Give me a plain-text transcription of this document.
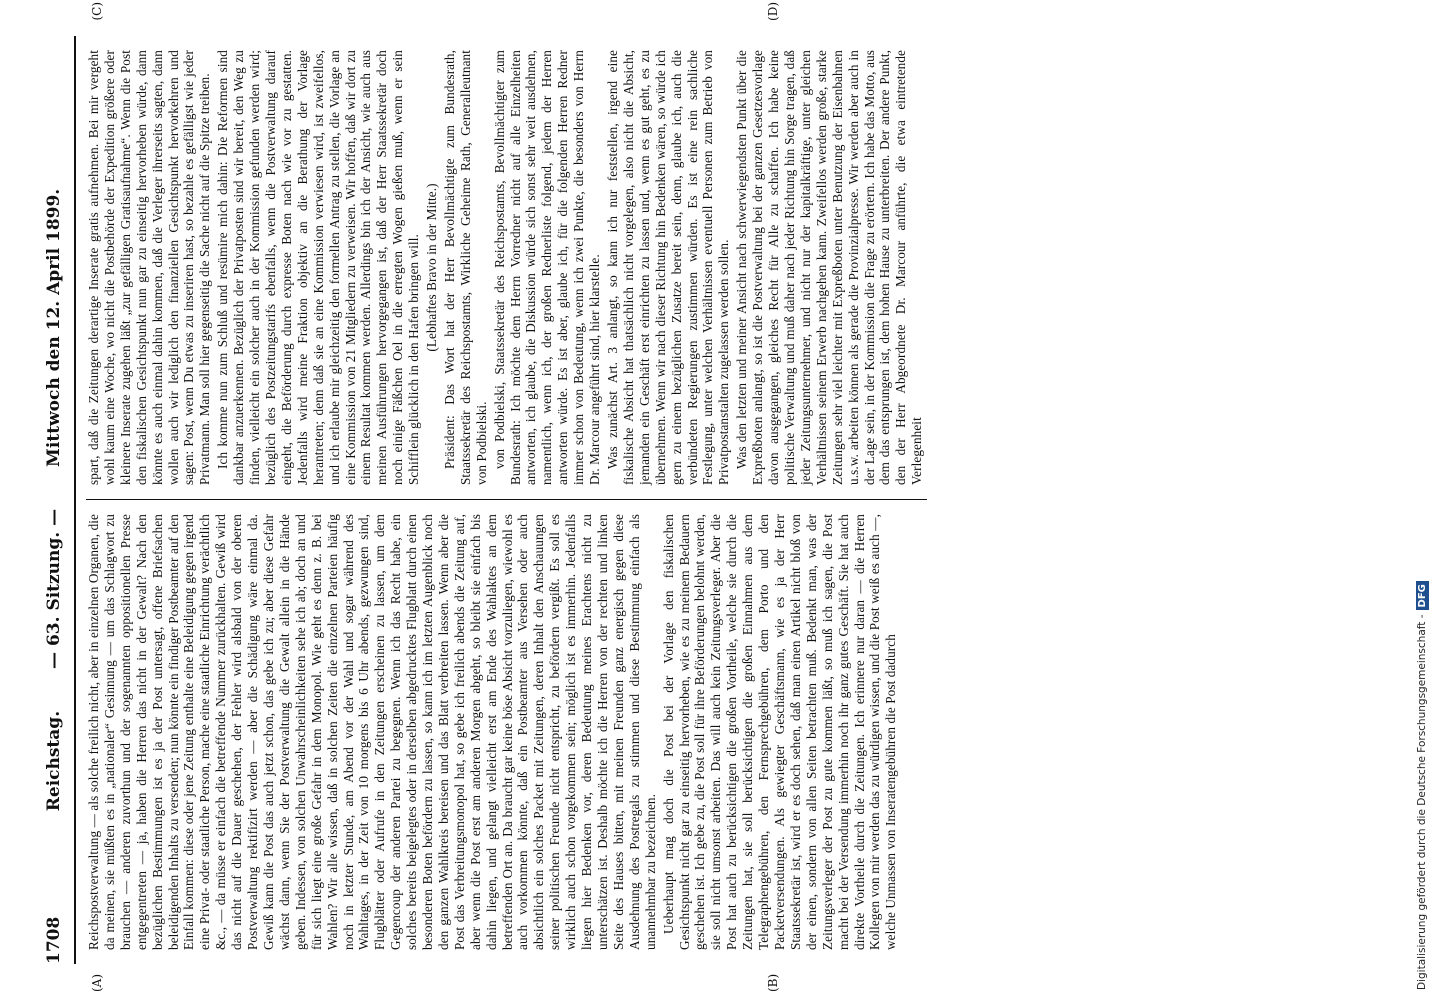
1708
Reichstag. — 63. Sitzung. — Mittwoch den 12. April 1899.
(A)	(B)

Reichspostverwaltung — als solche freilich nicht, aber in einzelnen Organen, die da meinen, sie müßten es in „nationaler“ Gesinnung — um das Schlagwort zu brauchen — anderen zuvorthun und der sogenannten oppositionellen Presse entgegentreten — ja, haben die Herren das nicht in der Gewalt? Nach den bezüglichen Bestimmungen ist es ja der Post untersagt, offene Briefsachen beleidigenden Inhalts zu versenden; nun könnte ein findiger Postbeamter auf den Einfall kommen: diese oder jene Zeitung enthalte eine Beleidigung gegen irgend eine Privat- oder staatliche Person, mache eine staatliche Einrichtung verächtlich &c., — da müsse er einfach die betreffende Nummer zurückhalten. Gewiß wird das nicht auf die Dauer geschehen, der Fehler wird alsbald von der oberen Postverwaltung rektifizirt werden — aber die Schädigung wäre einmal da. Gewiß kann die Post das auch jetzt schon, das gebe ich zu; aber diese Gefahr wächst dann, wenn Sie der Postverwaltung die Gewalt allein in die Hände geben. Indessen, von solchen Unwahrscheinlichkeiten sehe ich ab; doch an und für sich liegt eine große Gefahr in dem Monopol. Wie geht es denn z. B. bei Wahlen? Wir alle wissen, daß in solchen Zeiten die einzelnen Parteien häufig noch in letzter Stunde, am Abend vor der Wahl und sogar während des Wahltages, in der Zeit von 10 morgens bis 6 Uhr abends, gezwungen sind, Flugblätter oder Aufrufe in den Zeitungen erscheinen zu lassen, um dem Gegencoup der anderen Partei zu begegnen. Wenn ich das Recht habe, ein solches bereits beigelegtes oder in derselben abgedrucktes Flugblatt durch einen besonderen Boten befördern zu lassen, so kann ich im letzten Augenblick noch den ganzen Wahlkreis bereisen und das Blatt verbreiten lassen. Wenn aber die Post das Verbreitungsmonopol hat, so gebe ich freilich abends die Zeitung auf, aber wenn die Post erst am anderen Morgen abgeht, so bleibt sie einfach bis dahin liegen, und gelangt vielleicht erst am Ende des Wahlaktes an dem betreffenden Ort an. Da braucht gar keine böse Absicht vorzuliegen, wiewohl es auch vorkommen könnte, daß ein Postbeamter aus Versehen oder auch absichtlich ein solches Packet mit Zeitungen, deren Inhalt den Anschauungen seiner politischen Freunde nicht entspricht, zu befördern vergißt. Es soll es wirklich auch schon vorgekommen sein; möglich ist es immerhin. Jedenfalls liegen hier Bedenken vor, deren Bedeutung meines Erachtens nicht zu unterschätzen ist. Deshalb möchte ich die Herren von der rechten und linken Seite des Hauses bitten, mit meinen Freunden ganz energisch gegen diese Ausdehnung des Postregals zu stimmen und diese Bestimmung einfach als unannehmbar zu bezeichnen. Ueberhaupt mag doch die Post bei der Vorlage den fiskalischen Gesichtspunkt nicht gar zu einseitig hervorheben, wie es zu meinem Bedauern geschehen ist. Ich gebe zu, die Post soll für ihre Beförderungen belohnt werden, sie soll nicht umsonst arbeiten. Das will auch kein Zeitungsverleger. Aber die Post hat auch zu berücksichtigen die großen Vortheile, welche sie durch die Zeitungen hat, sie soll berücksichtigen die großen Einnahmen aus dem Telegraphengebühren, den Fernsprechgebühren, dem Porto und den Packetversendungen. Als gewiegter Geschäftsmann, wie es ja der Herr Staatssekretär ist, wird er es doch sehen, daß man einen Artikel nicht bloß von der einen, sondern von allen Seiten betrachten muß. Bedenkt man, was der Zeitungsverleger der Post zu gute kommen läßt, so muß ich sagen, die Post macht bei der Versendung immerhin noch ihr ganz gutes Geschäft. Sie hat auch direkte Vortheile durch die Zeitungen. Ich erinnere nur daran — die Herren Kollegen von mir werden das zu würdigen wissen, und die Post weiß es auch —, welche Unmassen von Inseratengebühren die Post dadurch

(C)	(D)

spart, daß die Zeitungen derartige Inserate gratis aufnehmen. Bei mir vergeht wohl kaum eine Woche, wo nicht die Postbehörde der Expedition größere oder kleinere Inserate zugehen läßt „zur gefälligen Gratisaufnahme“. Wenn die Post den fiskalischen Gesichtspunkt nun gar zu einseitig hervorheben würde, dann könnte es auch einmal dahin kommen, daß die Verleger ihrerseits sagten, dann wollen auch wir lediglich den finanziellen Gesichtspunkt hervorkehren und sagen: Post, wenn Du etwas zu inseriren hast, so bezahle es gefälligst wie jeder Privatmann. Man soll hier gegenseitig die Sache nicht auf die Spitze treiben. Ich komme nun zum Schluß und resümire mich dahin: Die Reformen sind dankbar anzuerkennen. Bezüglich der Privatposten sind wir bereit, den Weg zu finden, vielleicht ein solcher auch in der Kommission gefunden werden wird; bezüglich des Postzeitungstarifs ebenfalls, wenn die Postverwaltung darauf eingeht, die Beförderung durch expresse Boten nach wie vor zu gestatten. Jedenfalls wird meine Fraktion objektiv an die Berathung der Vorlage herantreten; denn daß sie an eine Kommission verwiesen wird, ist zweifellos, und ich erlaube mir gleichzeitig den formellen Antrag zu stellen, die Vorlage an eine Kommission von 21 Mitgliedern zu verweisen. Wir hoffen, daß wir dort zu einem Resultat kommen werden. Allerdings bin ich der Ansicht, wie auch aus meinen Ausführungen hervorgegangen ist, daß der Herr Staatssekretär doch noch einige Fäßchen Oel in die erregten Wogen gießen muß, wenn er sein Schifflein glücklich in den Hafen bringen will. (Lebhaftes Bravo in der Mitte.) Präsident: Das Wort hat der Herr Bevollmächtigte zum Bundesrath, Staatssekretär des Reichspostamts, Wirkliche Geheime Rath, Generalleutnant von Podbielski. von Podbielski, Staatssekretär des Reichspostamts, Bevollmächtigter zum Bundesrath: Ich möchte dem Herrn Vorredner nicht auf alle Einzelheiten antworten, ich glaube, die Diskussion würde sich sonst sehr weit ausdehnen, namentlich, wenn ich, der großen Rednerliste folgend, jedem der Herren antworten würde. Es ist aber, glaube ich, für die folgenden Herren Redner immer schon von Bedeutung, wenn ich zwei Punkte, die besonders von Herrn Dr. Marcour angeführt sind, hier klarstelle. Was zunächst Art. 3 anlangt, so kann ich nur feststellen, irgend eine fiskalische Absicht hat thatsächlich nicht vorgelegen, also nicht die Absicht, jemanden ein Geschäft erst einrichten zu lassen und, wenn es gut geht, es zu übernehmen. Wenn wir nach dieser Richtung hin Bedenken wären, so würde ich gern zu einem bezüglichen Zusatze bereit sein, denn, glaube ich, auch die verbündeten Regierungen zustimmen würden. Es ist eine rein sachliche Festlegung, unter welchen Verhältnissen eventuell Personen zum Betrieb von Privatpostanstalten zugelassen werden sollen. Was den letzten und meiner Ansicht nach schwerwiegendsten Punkt über die Expreßboten anlangt, so ist die Postverwaltung bei der ganzen Gesetzesvorlage davon ausgegangen, gleiches Recht für Alle zu schaffen. Ich habe keine politische Verwaltung und muß daher nach jeder Richtung hin Sorge tragen, daß jeder Zeitungsunternehmer, und nicht nur der kapitalkräftige, unter gleichen Verhältnissen seinem Erwerb nachgehen kann. Zweifellos werden große, starke Zeitungen sehr viel leichter mit Expreßboten unter Benutzung der Eisenbahnen u.s.w. arbeiten können als gerade die Provinzialpresse. Wir werden aber auch in der Lage sein, in der Kommission die Frage zu erörtern. Ich habe das Motto, aus dem das entsprungen ist, dem hohen Hause zu unterbreiten. Der andere Punkt, den der Herr Abgeordnete Dr. Marcour anführte, die etwa eintretende Verlegenheit

Digitalisierung gefördert durch die Deutsche Forschungsgemeinschaft -DFG
